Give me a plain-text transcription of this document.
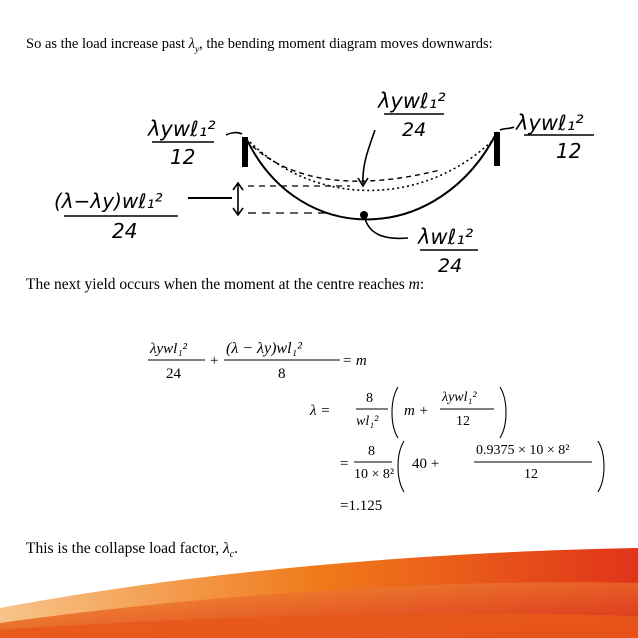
So as the load increase past $\lambda_y$, the bending moment diagram moves downwards:
λywℓ₁²
12
λywℓ₁²
12
λywℓ₁²
24
(λ−λy)wℓ₁²
24	λwℓ₁²
24
The next yield occurs when the moment at the centre reaches m:
λywl₁²
24
+
(λ − λy)wl₁²
8
= m
λ =
8
wl₁²
m +
λywl₁²
12
=
8
10 × 8²
40 +
0.9375 × 10 × 8²
12
=1.125
This is the collapse load factor, $\lambda_c$.
